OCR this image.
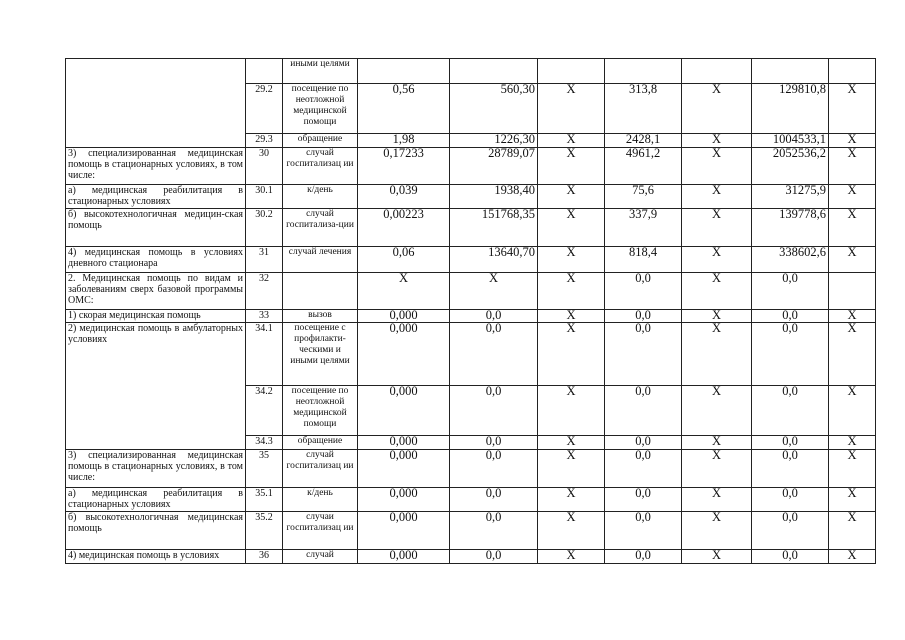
		иными целями							
	29.2	посещение по неотложной медицинской помощи	0,56	560,30	X	313,8	X	129810,8	X
	29.3	обращение	1,98	1226,30	X	2428,1	X	1004533,1	X
3) специализированная медицинская помощь в стационарных условиях, в том числе:	30	случай госпитализац ии	0,17233	28789,07	X	4961,2	X	2052536,2	X
а) медицинская реабилитация в стационарных условиях	30.1	к/день	0,039	1938,40	X	75,6	X	31275,9	X
б) высокотехнологичная медицин-ская помощь	30.2	случай госпитализа-ции	0,00223	151768,35	X	337,9	X	139778,6	X
4) медицинская помощь в условиях дневного стационара	31	случай лечения	0,06	13640,70	X	818,4	X	338602,6	X
2. Медицинская помощь по видам и заболеваниям сверх базовой программы ОМС:	32		X	X	X	0,0	X	0,0	
1) скорая медицинская помощь	33	вызов	0,000	0,0	X	0,0	X	0,0	X
2) медицинская помощь в амбулаторных условиях	34.1	посещение с профилакти-ческими и иными целями	0,000	0,0	X	0,0	X	0,0	X
	34.2	посещение по неотложной медицинской помощи	0,000	0,0	X	0,0	X	0,0	X
	34.3	обращение	0,000	0,0	X	0,0	X	0,0	X
3) специализированная медицинская помощь в стационарных условиях, в том числе:	35	случай госпитализац ии	0,000	0,0	X	0,0	X	0,0	X
а) медицинская реабилитация в стационарных условиях	35.1	к/день	0,000	0,0	X	0,0	X	0,0	X
б) высокотехнологичная медицинская помощь	35.2	случаи госпитализац ии	0,000	0,0	X	0,0	X	0,0	X
4) медицинская помощь в условиях	36	случай	0,000	0,0	X	0,0	X	0,0	X
